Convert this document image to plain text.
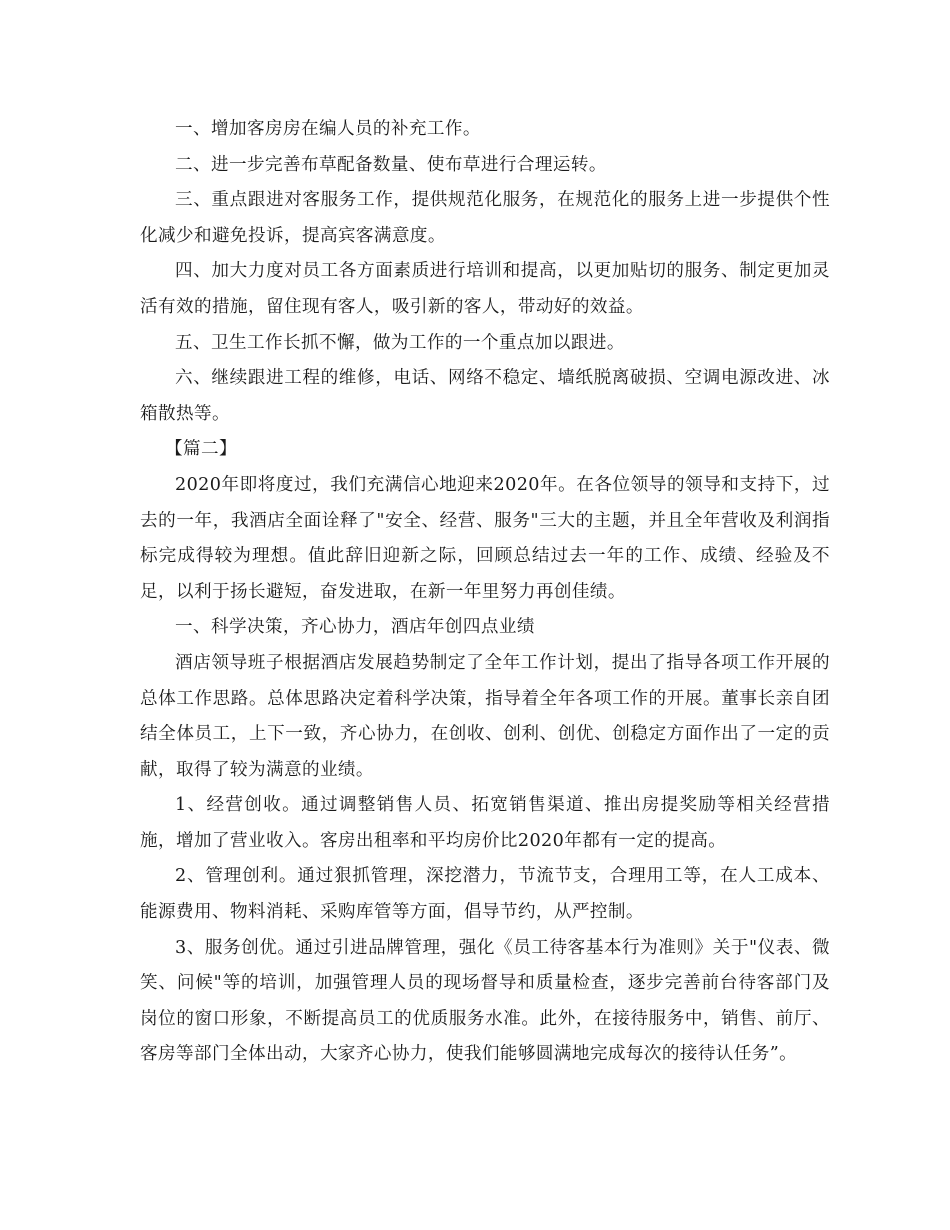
一、增加客房房在编人员的补充工作。

二、进一步完善布草配备数量、使布草进行合理运转。

三、重点跟进对客服务工作，提供规范化服务，在规范化的服务上进一步提供个性化减少和避免投诉，提高宾客满意度。

四、加大力度对员工各方面素质进行培训和提高，以更加贴切的服务、制定更加灵活有效的措施，留住现有客人，吸引新的客人，带动好的效益。

五、卫生工作长抓不懈，做为工作的一个重点加以跟进。

六、继续跟进工程的维修，电话、网络不稳定、墙纸脱离破损、空调电源改进、冰箱散热等。

【篇二】

2020年即将度过，我们充满信心地迎来2020年。在各位领导的领导和支持下，过去的一年，我酒店全面诠释了"安全、经营、服务"三大的主题，并且全年营收及利润指标完成得较为理想。值此辞旧迎新之际，回顾总结过去一年的工作、成绩、经验及不足，以利于扬长避短，奋发进取，在新一年里努力再创佳绩。

一、科学决策，齐心协力，酒店年创四点业绩

酒店领导班子根据酒店发展趋势制定了全年工作计划，提出了指导各项工作开展的总体工作思路。总体思路决定着科学决策，指导着全年各项工作的开展。董事长亲自团结全体员工，上下一致，齐心协力，在创收、创利、创优、创稳定方面作出了一定的贡献，取得了较为满意的业绩。

1、经营创收。通过调整销售人员、拓宽销售渠道、推出房提奖励等相关经营措施，增加了营业收入。客房出租率和平均房价比2020年都有一定的提高。

2、管理创利。通过狠抓管理，深挖潜力，节流节支，合理用工等，在人工成本、能源费用、物料消耗、采购库管等方面，倡导节约，从严控制。

3、服务创优。通过引进品牌管理，强化《员工待客基本行为准则》关于"仪表、微笑、问候"等的培训，加强管理人员的现场督导和质量检查，逐步完善前台待客部门及岗位的窗口形象，不断提高员工的优质服务水准。此外，在接待服务中，销售、前厅、客房等部门全体出动，大家齐心协力，使我们能够圆满地完成每次的接待认任务”。
